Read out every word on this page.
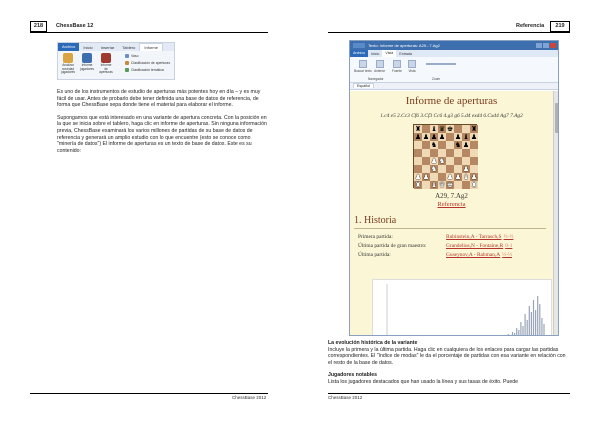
218	ChessBase 12
Archivo	Inicio	Insertar	Tablero	Informe
Analizar novedad
jugadores
Informe
jugadores
Informe de
aperturas
Vaso
Clasificación de aperturas
Clasificación temática

Es uno de los instrumentos de estudio de aperturas más potentes hoy en día – y es muy fácil de usar. Antes de probarlo debe tener definida una base de datos de referencia, de forma que ChessBase sepa donde tiene el material para elaborar el informe.

Supongamos que está interesado en una variante de apertura concreta. Con la posición en la que se inicia sobre el tablero, haga clic en informe de aperturas. Sin ninguna información previa, ChessBase examinará los varios millones de partidas de su base de datos de referencia y generará un amplio estudio con lo que encuentre (esto se conoce como "minería de datos") El informe de aperturas es un texto de base de datos. Este es su contenido:

ChessBase 2012
Referencia	219
ChessBase 2012
Texto: Informe de aperturas: A29...7.Ag2
Archivo	Inicio	Vista	Entrada
Buscar texto Anterior Fuente Vista
Navegador	Zoom
Español
Informe de aperturas
1.c4 e5 2.Cc3 Cf6 3.Cf3 Cc6 4.g3 g6 5.d4 exd4 6.Cxd4 Ag7 7.Ag2
♜ ♝ ♛ ♚	♜
♟ ♟ ♟ ♟ ♟ ♝ ♟
♞	♞ ♟
♟ ♞
♞	♟
♟ ♟	♟ ♟ ♝ ♟
♜ ♝ ♛ ♚	♜
A29, 7.Ag2
Referencia
1. Historia
Primera partida:	Rubinstein,A - Tarrasch,S ½-½
Última partida de gran maestro:	Grandelius,N - Fontaine,R 0-1
Última partida:	Guseynov,A - Rahman,A ½-½
La evolución histórica de la variante

Incluye la primera y la última partida. Haga clic en cualquiera de los enlaces para cargar las partidas correspondientes. El "índice de modas" le da el porcentaje de partidas con esa variante en relación con el resto de la base de datos.

Jugadores notables

Lista los jugadores destacados que han usado la línea y sus tasas de éxito. Puede
